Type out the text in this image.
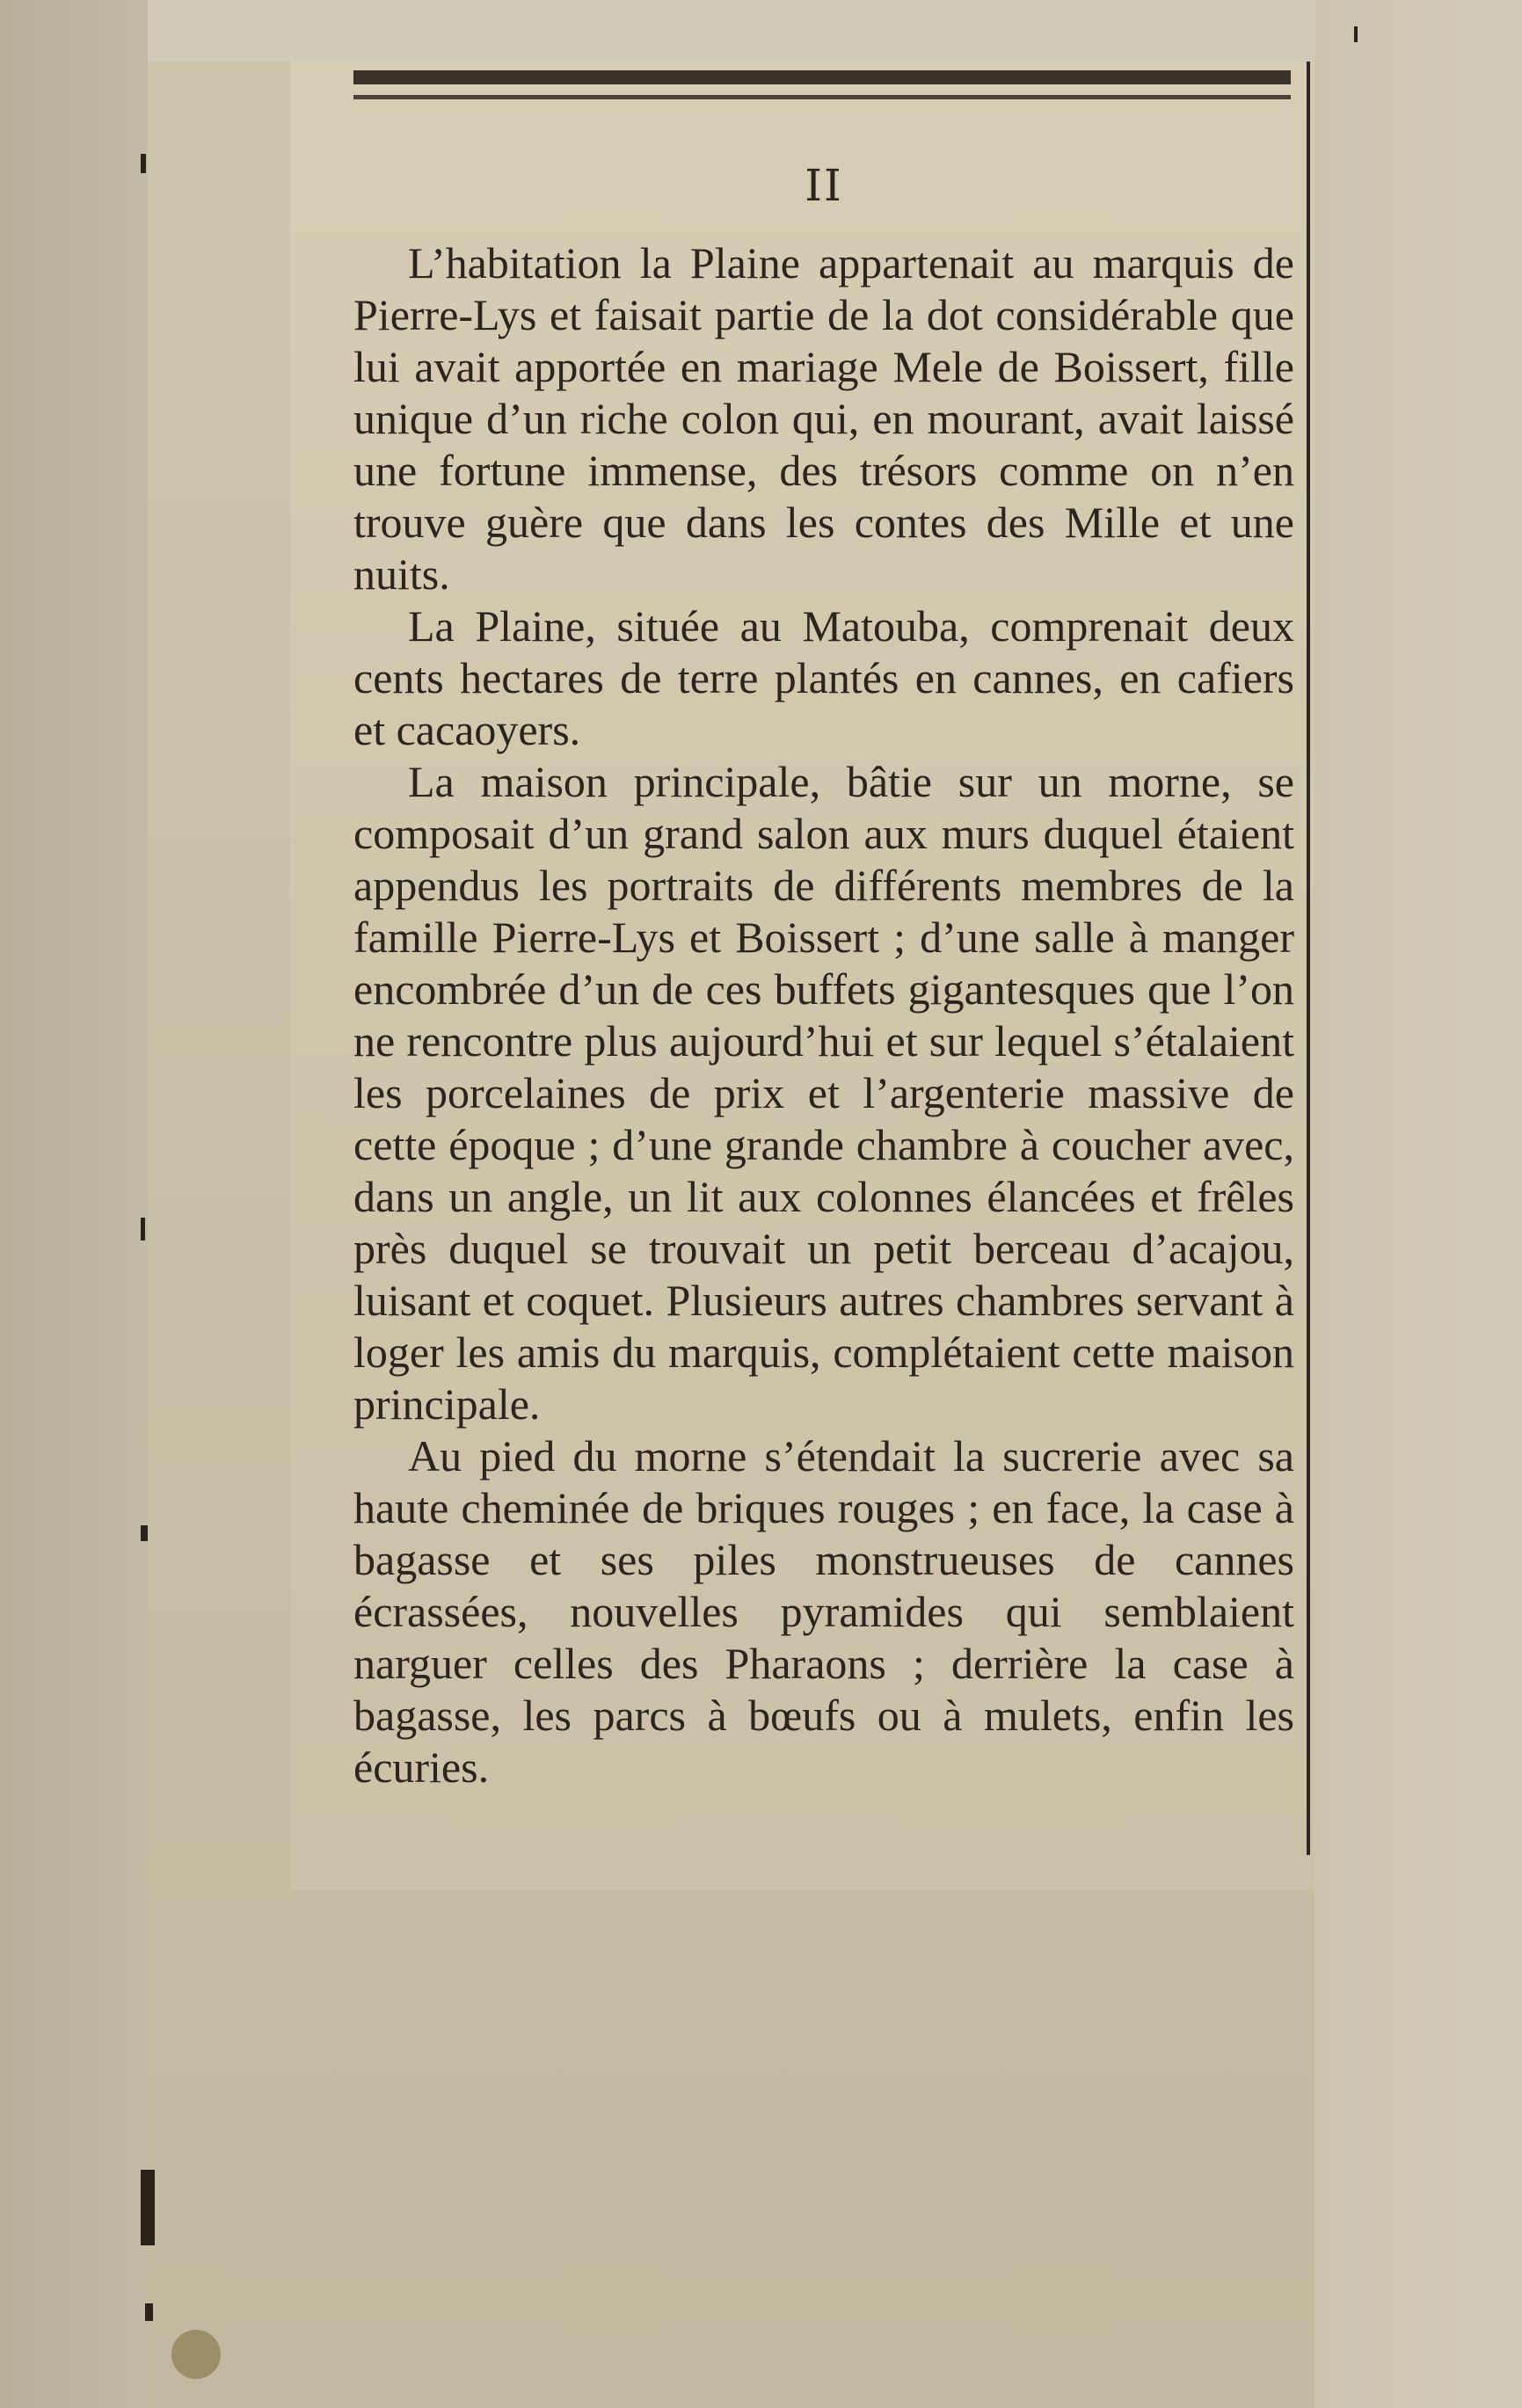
II

L’habitation la Plaine appartenait au marquis de Pierre-Lys et faisait partie de la dot considérable que lui avait apportée en mariage Mele de Boissert, fille unique d’un riche colon qui, en mourant, avait laissé une fortune immense, des trésors comme on n’en trouve guère que dans les contes des Mille et une nuits.

La Plaine, située au Matouba, comprenait deux cents hectares de terre plantés en cannes, en cafiers et cacaoyers.

La maison principale, bâtie sur un morne, se composait d’un grand salon aux murs duquel étaient appendus les portraits de différents membres de la famille Pierre-Lys et Boissert ; d’une salle à manger encombrée d’un de ces buffets gigantesques que l’on ne rencontre plus aujourd’hui et sur lequel s’étalaient les porcelaines de prix et l’argenterie massive de cette époque ; d’une grande chambre à coucher avec, dans un angle, un lit aux colonnes élancées et frêles près duquel se trouvait un petit berceau d’acajou, luisant et coquet. Plusieurs autres chambres servant à loger les amis du marquis, complétaient cette maison principale.

Au pied du morne s’étendait la sucrerie avec sa haute cheminée de briques rouges ; en face, la case à bagasse et ses piles monstrueuses de cannes écrassées, nouvelles pyramides qui semblaient narguer celles des Pharaons ; derrière la case à bagasse, les parcs à bœufs ou à mulets, enfin les écuries.
